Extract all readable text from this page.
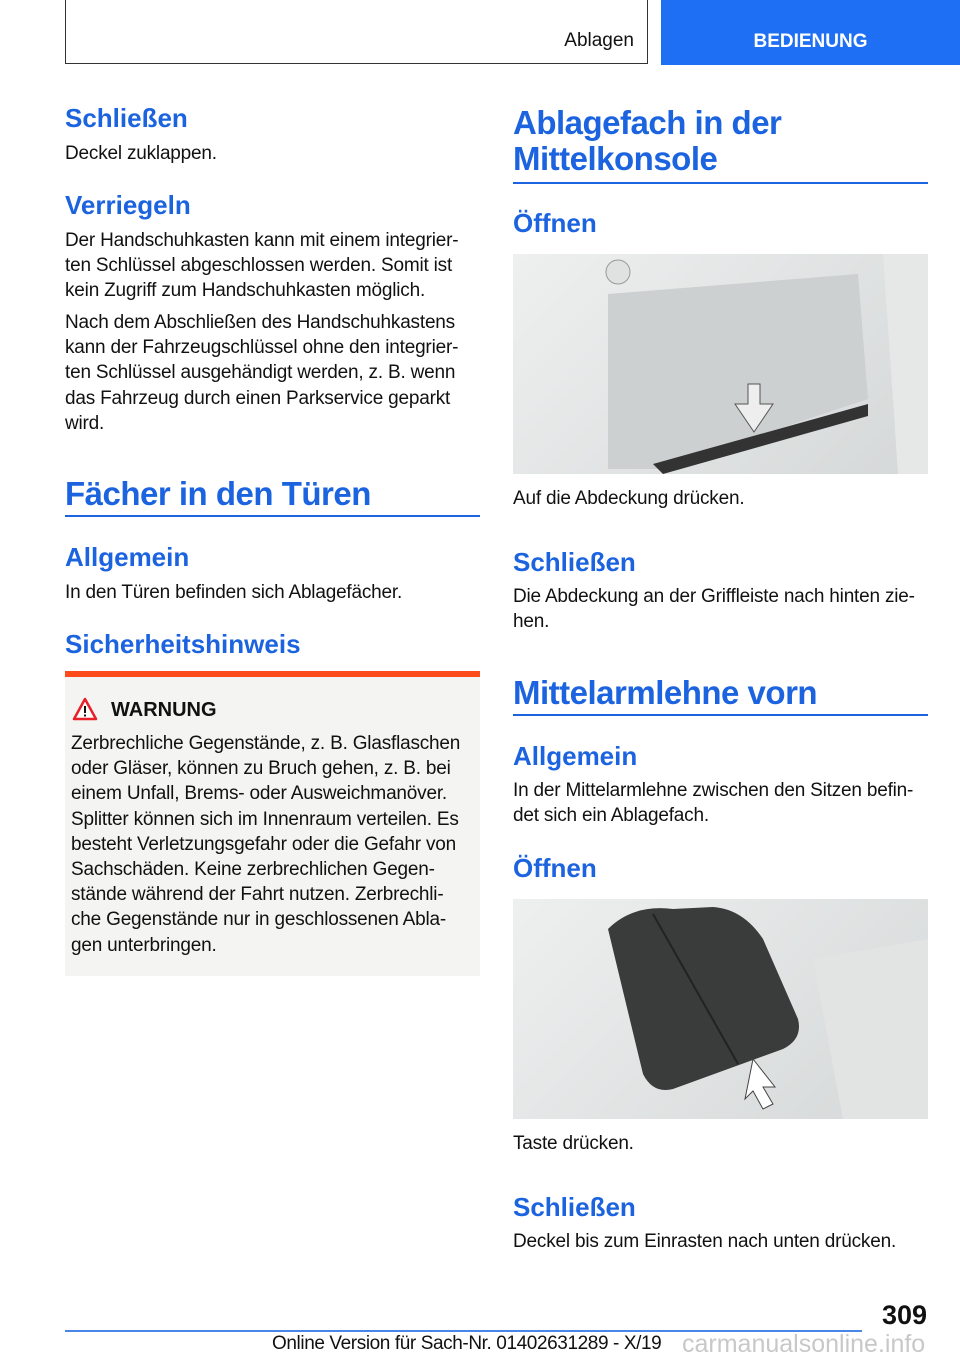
Ablagen	BEDIENUNG
Schließen
Deckel zuklappen.
Verriegeln
Der Handschuhkasten kann mit einem integrier-
ten Schlüssel abgeschlossen werden. Somit ist
kein Zugriff zum Handschuhkasten möglich.
Nach dem Abschließen des Handschuhkastens
kann der Fahrzeugschlüssel ohne den integrier-
ten Schlüssel ausgehändigt werden, z. B. wenn
das Fahrzeug durch einen Parkservice geparkt
wird.
Fächer in den Türen
Allgemein
In den Türen befinden sich Ablagefächer.
Sicherheitshinweis
WARNUNG
Zerbrechliche Gegenstände, z. B. Glasflaschen
oder Gläser, können zu Bruch gehen, z. B. bei
einem Unfall, Brems- oder Ausweichmanöver.
Splitter können sich im Innenraum verteilen. Es
besteht Verletzungsgefahr oder die Gefahr von
Sachschäden. Keine zerbrechlichen Gegen-
stände während der Fahrt nutzen. Zerbrechli-
che Gegenstände nur in geschlossenen Abla-
gen unterbringen.
Ablagefach in der
Mittelkonsole
Öffnen
Auf die Abdeckung drücken.
Schließen
Die Abdeckung an der Griffleiste nach hinten zie-
hen.
Mittelarmlehne vorn
Allgemein
In der Mittelarmlehne zwischen den Sitzen befin-
det sich ein Ablagefach.
Öffnen
Taste drücken.
Schließen
Deckel bis zum Einrasten nach unten drücken.
309
Online Version für Sach-Nr. 01402631289 - X/19 carmanualsonline.info
